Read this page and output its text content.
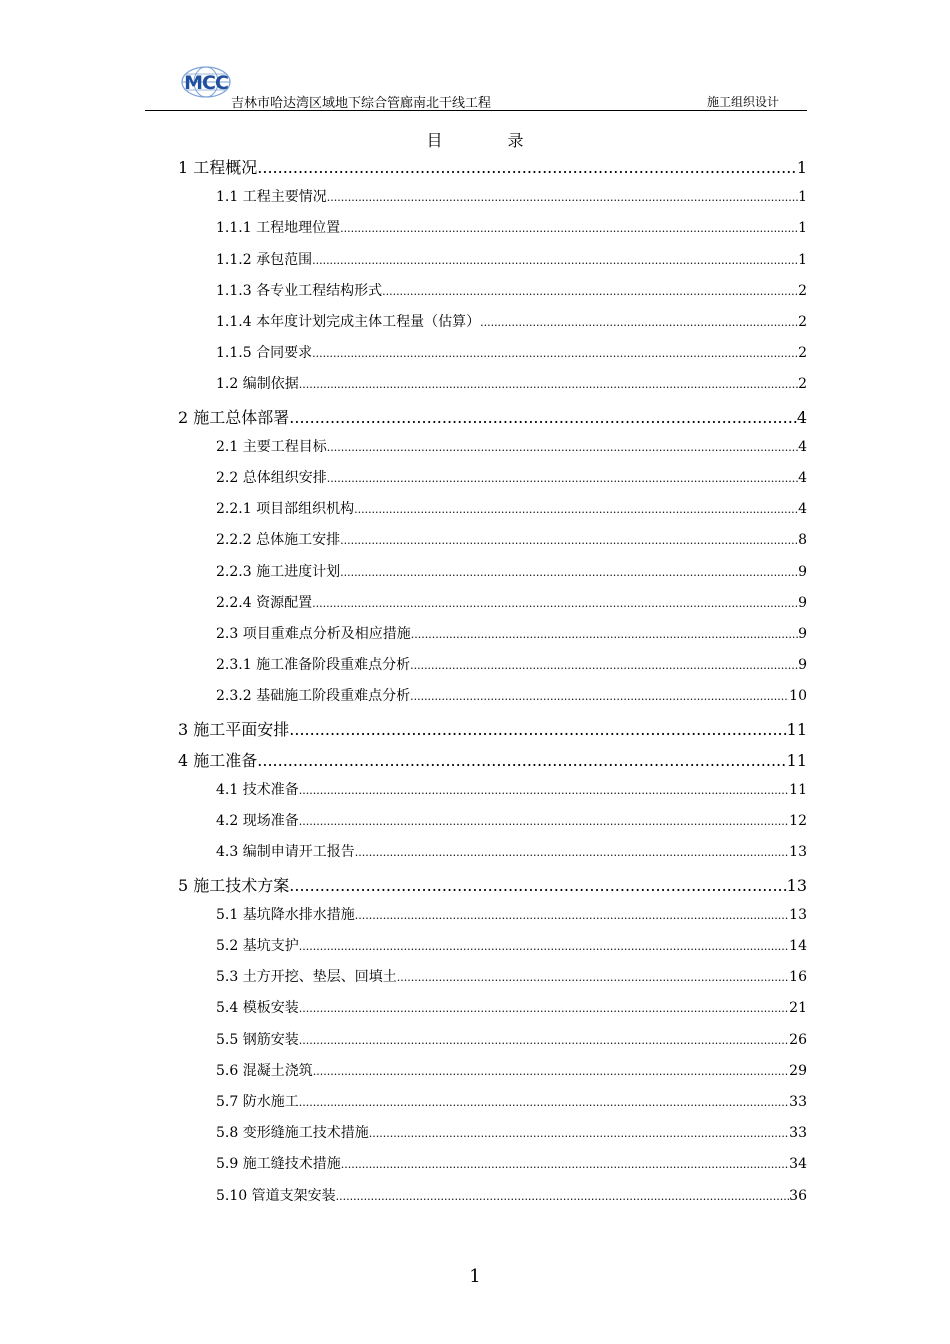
MCC
吉林市哈达湾区域地下综合管廊南北干线工程	施工组织设计
目 录
1 工程概况 .....	1
1.1 工程主要情况 .....	1
1.1.1 工程地理位置 .....	1
1.1.2 承包范围 .....	1
1.1.3 各专业工程结构形式 .....	2
1.1.4 本年度计划完成主体工程量（估算） .....	2
1.1.5 合同要求 .....	2
1.2 编制依据 .....	2
2 施工总体部署 .....	4
2.1 主要工程目标 .....	4
2.2 总体组织安排 .....	4
2.2.1 项目部组织机构 .....	4
2.2.2 总体施工安排 .....	8
2.2.3 施工进度计划 .....	9
2.2.4 资源配置 .....	9
2.3 项目重难点分析及相应措施 .....	9
2.3.1 施工准备阶段重难点分析 .....	9
2.3.2 基础施工阶段重难点分析 .....	10
3 施工平面安排 .....	11
4 施工准备 .....	11
4.1 技术准备 .....	11
4.2 现场准备 .....	12
4.3 编制申请开工报告 .....	13
5 施工技术方案 .....	13
5.1 基坑降水排水措施 .....	13
5.2 基坑支护 .....	14
5.3 土方开挖、垫层、回填土 .....	16
5.4 模板安装 .....	21
5.5 钢筋安装 .....	26
5.6 混凝土浇筑 .....	29
5.7 防水施工 .....	33
5.8 变形缝施工技术措施 .....	33
5.9 施工缝技术措施 .....	34
5.10 管道支架安装 .....	36
1
